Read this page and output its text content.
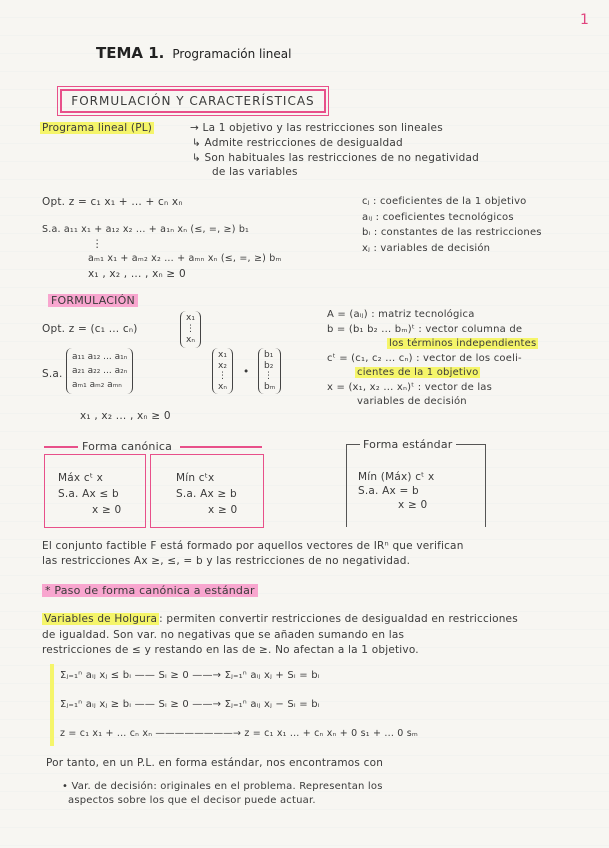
1
TEMA 1. Programación lineal
FORMULACIÓN Y CARACTERÍSTICAS
Programa lineal (PL)	→ La 1 objetivo y las restricciones son lineales
↳ Admite restricciones de desigualdad
↳ Son habituales las restricciones de no negatividad
de las variables
Opt. z = c₁ x₁ + ... + cₙ xₙ
S.a. a₁₁ x₁ + a₁₂ x₂ ... + a₁ₙ xₙ (≤, =, ≥) b₁
⋮
aₘ₁ x₁ + aₘ₂ x₂ ... + aₘₙ xₙ (≤, =, ≥) bₘ
x₁ , x₂ , ... , xₙ ≥ 0
cⱼ : coeficientes de la 1 objetivo
aᵢⱼ : coeficientes tecnológicos
bᵢ : constantes de las restricciones
xⱼ : variables de decisión
FORMULACIÓN
Opt. z = (c₁ ... cₙ)
x₁
⋮
xₙ
S.a.
a₁₁ a₁₂ ... a₁ₙ
a₂₁ a₂₂ ... a₂ₙ
aₘ₁ aₘ₂ aₘₙ
x₁
x₂
⋮
xₙ
•
b₁
b₂
⋮
bₘ
x₁ , x₂ ... , xₙ ≥ 0
A = (aᵢⱼ) : matriz tecnológica
b = (b₁ b₂ ... bₘ)ᵗ : vector columna de
los términos independientes
cᵗ = (c₁, c₂ ... cₙ) : vector de los coeli-
cientes de la 1 objetivo
x = (x₁, x₂ ... xₙ)ᵗ : vector de las
variables de decisión
Forma canónica
Máx cᵗ x
S.a. Ax ≤ b
x ≥ 0
Mín cᵗx
S.a. Ax ≥ b
x ≥ 0
Forma estándar
Mín (Máx) cᵗ x
S.a. Ax = b
x ≥ 0
El conjunto factible F está formado por aquellos vectores de IRⁿ que verifican
las restricciones Ax ≥, ≤, = b y las restricciones de no negatividad.
* Paso de forma canónica a estándar
Variables de Holgura : permiten convertir restricciones de desigualdad en restricciones
de igualdad. Son var. no negativas que se añaden sumando en las
restricciones de ≤ y restando en las de ≥. No afectan a la 1 objetivo.
Σⱼ₌₁ⁿ aᵢⱼ xⱼ ≤ bᵢ —— Sᵢ ≥ 0 ——→ Σⱼ₌₁ⁿ aᵢⱼ xⱼ + Sᵢ = bᵢ
Σⱼ₌₁ⁿ aᵢⱼ xⱼ ≥ bᵢ —— Sᵢ ≥ 0 ——→ Σⱼ₌₁ⁿ aᵢⱼ xⱼ − Sᵢ = bᵢ
z = c₁ x₁ + ... cₙ xₙ ————————→ z = c₁ x₁ ... + cₙ xₙ + 0 s₁ + ... 0 sₘ
Por tanto, en un P.L. en forma estándar, nos encontramos con
• Var. de decisión: originales en el problema. Representan los
aspectos sobre los que el decisor puede actuar.
